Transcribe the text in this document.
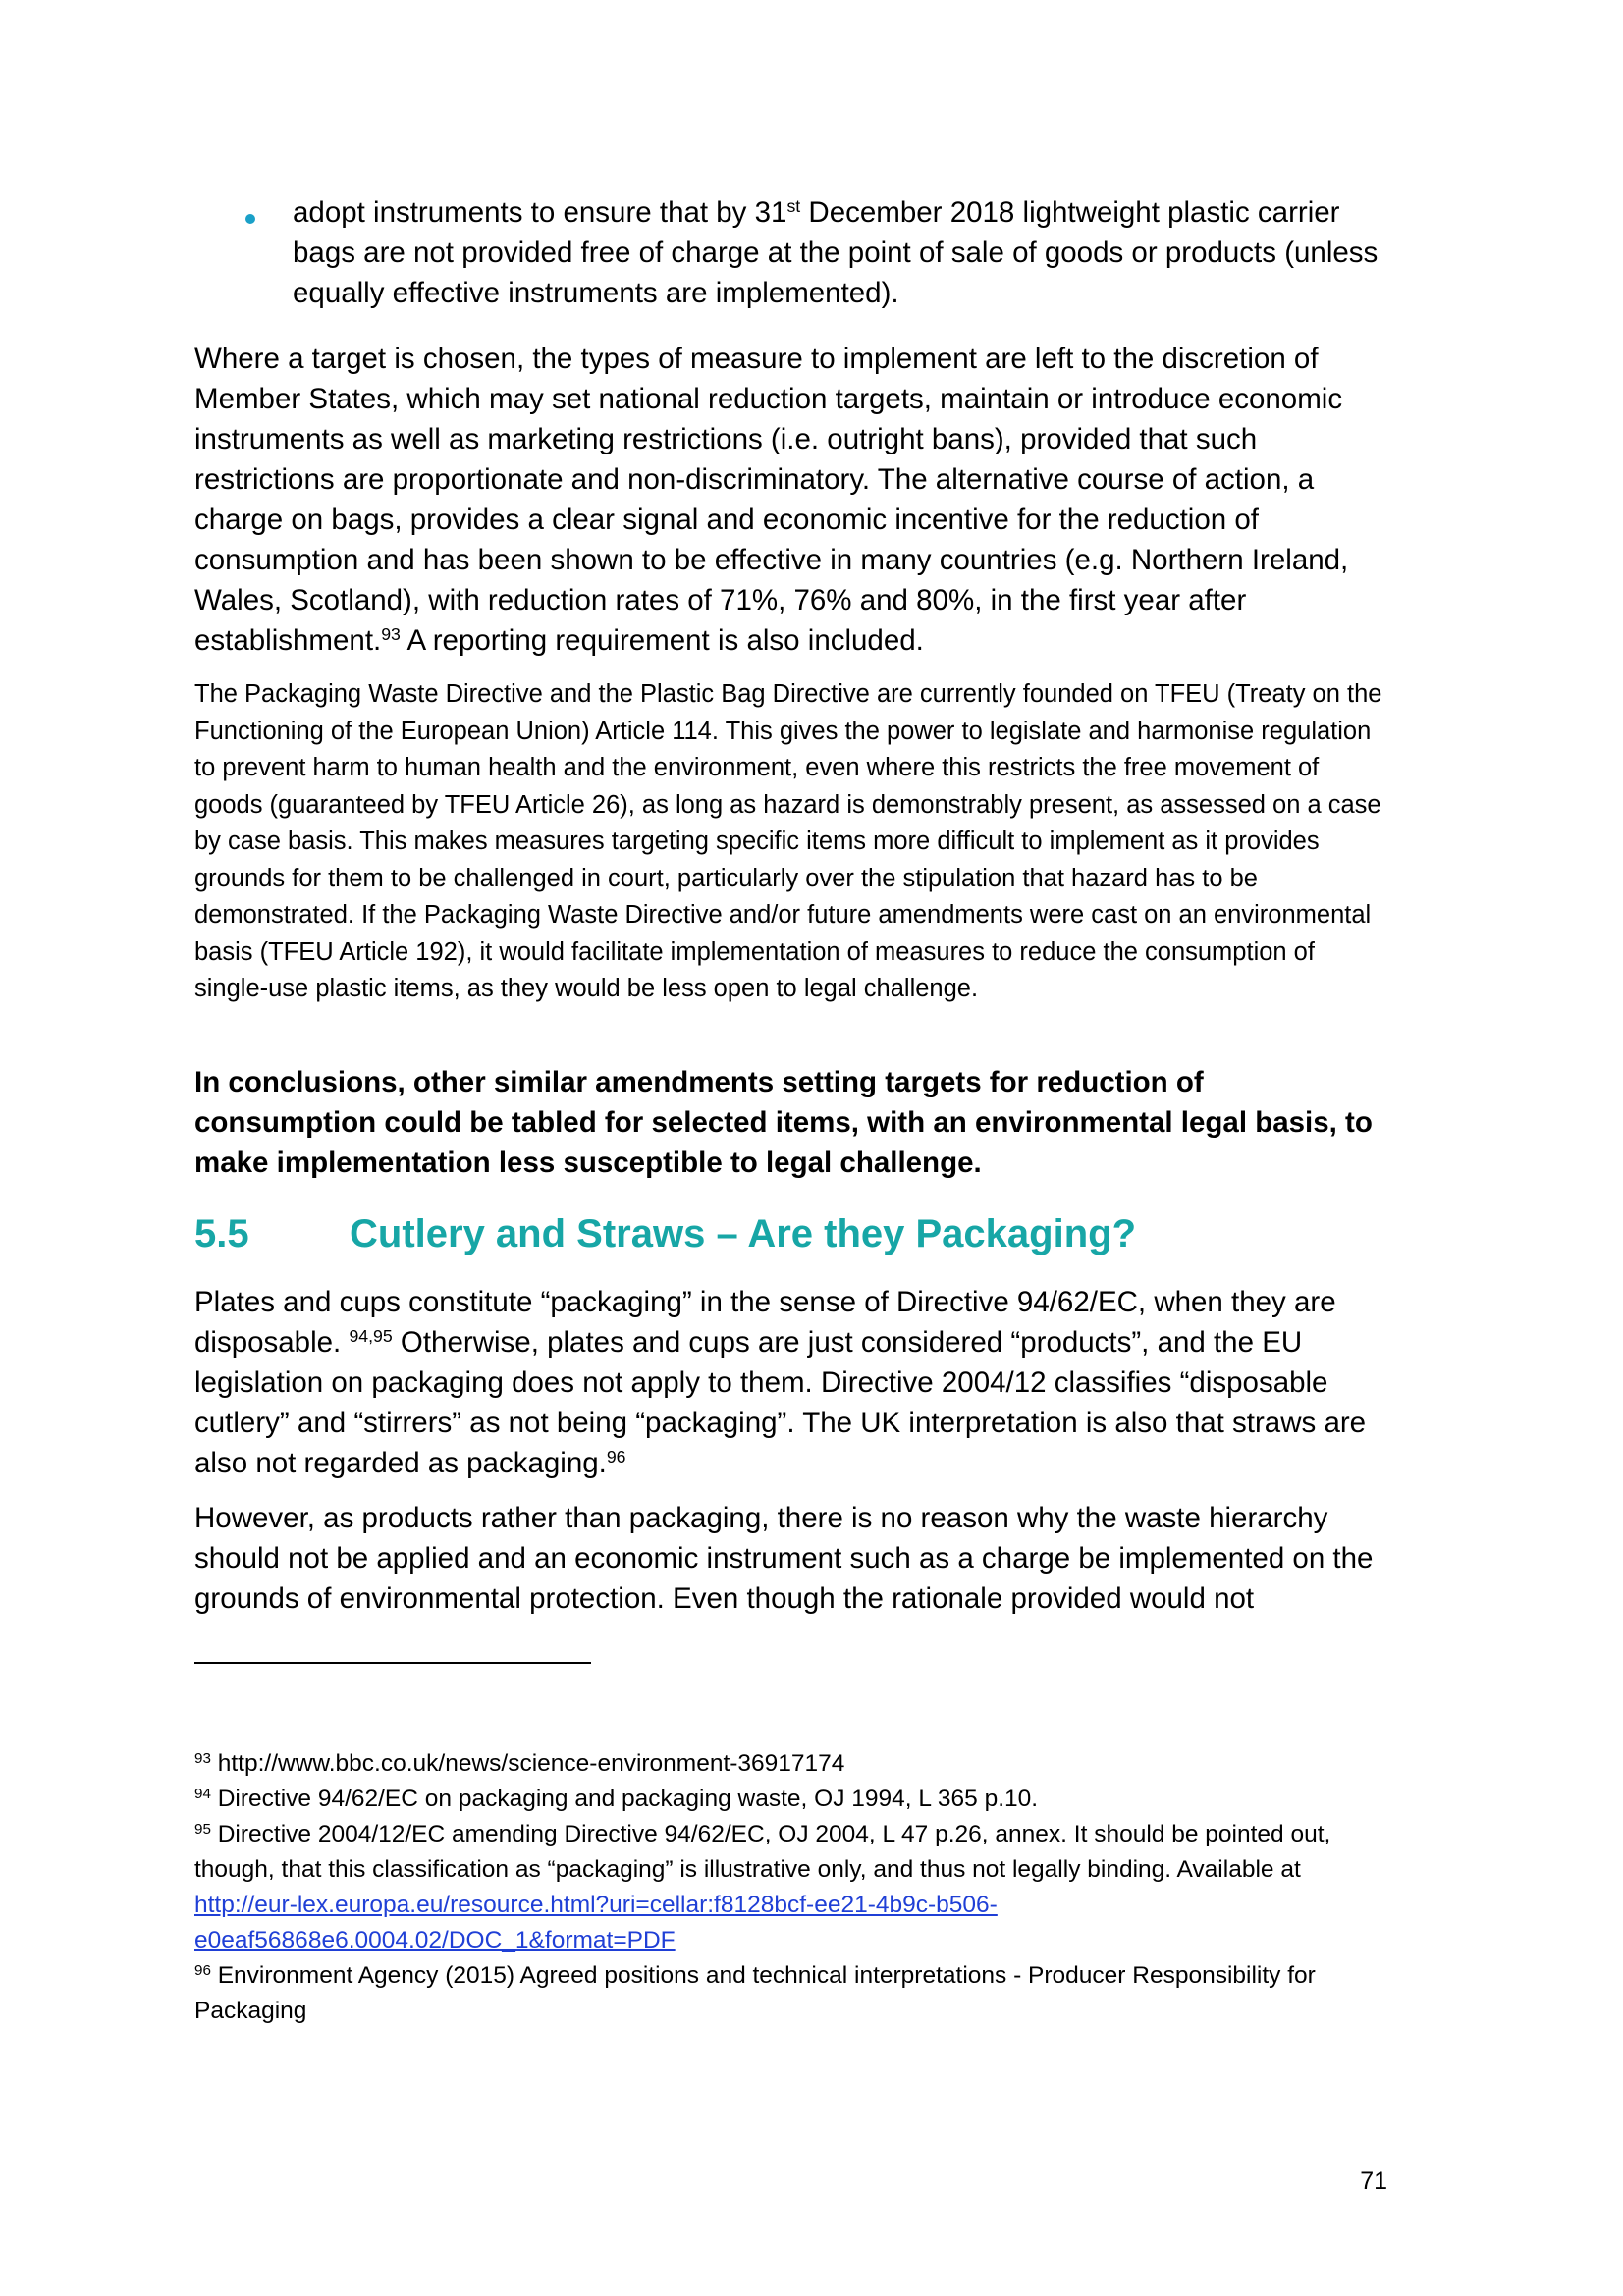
adopt instruments to ensure that by 31st December 2018 lightweight plastic carrier bags are not provided free of charge at the point of sale of goods or products (unless equally effective instruments are implemented).

Where a target is chosen, the types of measure to implement are left to the discretion of Member States, which may set national reduction targets, maintain or introduce economic instruments as well as marketing restrictions (i.e. outright bans), provided that such restrictions are proportionate and non-discriminatory. The alternative course of action, a charge on bags, provides a clear signal and economic incentive for the reduction of consumption and has been shown to be effective in many countries (e.g. Northern Ireland, Wales, Scotland), with reduction rates of 71%, 76% and 80%, in the first year after establishment.$^{93}$ A reporting requirement is also included.

The Packaging Waste Directive and the Plastic Bag Directive are currently founded on TFEU (Treaty on the Functioning of the European Union) Article 114. This gives the power to legislate and harmonise regulation to prevent harm to human health and the environment, even where this restricts the free movement of goods (guaranteed by TFEU Article 26), as long as hazard is demonstrably present, as assessed on a case by case basis. This makes measures targeting specific items more difficult to implement as it provides grounds for them to be challenged in court, particularly over the stipulation that hazard has to be demonstrated. If the Packaging Waste Directive and/or future amendments were cast on an environmental basis (TFEU Article 192), it would facilitate implementation of measures to reduce the consumption of single-use plastic items, as they would be less open to legal challenge.

In conclusions, other similar amendments setting targets for reduction of consumption could be tabled for selected items, with an environmental legal basis, to make implementation less susceptible to legal challenge.

5.5	Cutlery and Straws – Are they Packaging?

Plates and cups constitute “packaging” in the sense of Directive 94/62/EC, when they are disposable. $^{94,95}$ Otherwise, plates and cups are just considered “products”, and the EU legislation on packaging does not apply to them. Directive 2004/12 classifies “disposable cutlery” and “stirrers” as not being “packaging”. The UK interpretation is also that straws are also not regarded as packaging.$^{96}$

However, as products rather than packaging, there is no reason why the waste hierarchy should not be applied and an economic instrument such as a charge be implemented on the grounds of environmental protection. Even though the rationale provided would not

$^{93}$ http://www.bbc.co.uk/news/science-environment-36917174

$^{94}$ Directive 94/62/EC on packaging and packaging waste, OJ 1994, L 365 p.10.

$^{95}$ Directive 2004/12/EC amending Directive 94/62/EC, OJ 2004, L 47 p.26, annex. It should be pointed out, though, that this classification as “packaging” is illustrative only, and thus not legally binding. Available at http://eur-lex.europa.eu/resource.html?uri=cellar:f8128bcf-ee21-4b9c-b506-e0eaf56868e6.0004.02/DOC_1&format=PDF

$^{96}$ Environment Agency (2015) Agreed positions and technical interpretations - Producer Responsibility for Packaging

71
